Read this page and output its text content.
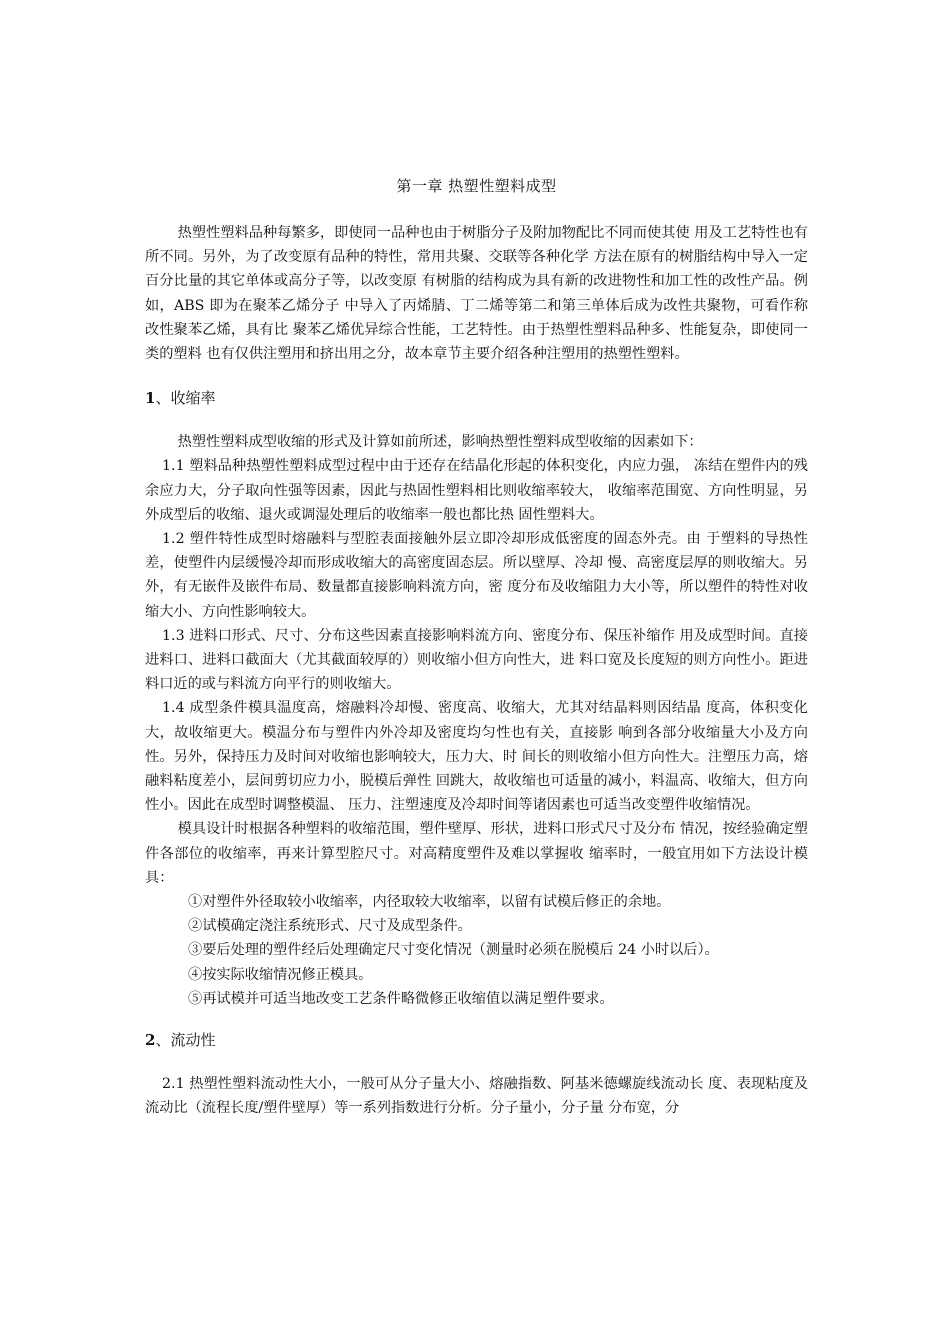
第一章 热塑性塑料成型

热塑性塑料品种每繁多，即使同一品种也由于树脂分子及附加物配比不同而使其使 用及工艺特性也有所不同。另外，为了改变原有品种的特性，常用共聚、交联等各种化学 方法在原有的树脂结构中导入一定百分比量的其它单体或高分子等，以改变原 有树脂的结构成为具有新的改进物性和加工性的改性产品。例如，ABS 即为在聚苯乙烯分子 中导入了丙烯腈、丁二烯等第二和第三单体后成为改性共聚物，可看作称改性聚苯乙烯，具有比 聚苯乙烯优异综合性能，工艺特性。由于热塑性塑料品种多、性能复杂，即使同一类的塑料 也有仅供注塑用和挤出用之分，故本章节主要介绍各种注塑用的热塑性塑料。

1、收缩率

热塑性塑料成型收缩的形式及计算如前所述，影响热塑性塑料成型收缩的因素如下：

1.1 塑料品种热塑性塑料成型过程中由于还存在结晶化形起的体积变化，内应力强， 冻结在塑件内的残余应力大，分子取向性强等因素，因此与热固性塑料相比则收缩率较大， 收缩率范围宽、方向性明显，另外成型后的收缩、退火或调湿处理后的收缩率一般也都比热 固性塑料大。

1.2 塑件特性成型时熔融料与型腔表面接触外层立即冷却形成低密度的固态外壳。由 于塑料的导热性差，使塑件内层缓慢冷却而形成收缩大的高密度固态层。所以壁厚、冷却 慢、高密度层厚的则收缩大。另外，有无嵌件及嵌件布局、数量都直接影响料流方向，密 度分布及收缩阻力大小等，所以塑件的特性对收缩大小、方向性影响较大。

1.3 进料口形式、尺寸、分布这些因素直接影响料流方向、密度分布、保压补缩作 用及成型时间。直接进料口、进料口截面大（尤其截面较厚的）则收缩小但方向性大，进 料口宽及长度短的则方向性小。距进料口近的或与料流方向平行的则收缩大。

1.4 成型条件模具温度高，熔融料冷却慢、密度高、收缩大，尤其对结晶料则因结晶 度高，体积变化大，故收缩更大。模温分布与塑件内外冷却及密度均匀性也有关，直接影 响到各部分收缩量大小及方向性。另外，保持压力及时间对收缩也影响较大，压力大、时 间长的则收缩小但方向性大。注塑压力高，熔融料粘度差小，层间剪切应力小，脱模后弹性 回跳大，故收缩也可适量的减小，料温高、收缩大，但方向性小。因此在成型时调整模温、 压力、注塑速度及冷却时间等诸因素也可适当改变塑件收缩情况。

模具设计时根据各种塑料的收缩范围，塑件壁厚、形状，进料口形式尺寸及分布 情况，按经验确定塑件各部位的收缩率，再来计算型腔尺寸。对高精度塑件及难以掌握收 缩率时，一般宜用如下方法设计模具：

①对塑件外径取较小收缩率，内径取较大收缩率，以留有试模后修正的余地。
②试模确定浇注系统形式、尺寸及成型条件。
③要后处理的塑件经后处理确定尺寸变化情况（测量时必须在脱模后 24 小时以后）。
④按实际收缩情况修正模具。
⑤再试模并可适当地改变工艺条件略微修正收缩值以满足塑件要求。
2、流动性

2.1 热塑性塑料流动性大小，一般可从分子量大小、熔融指数、阿基米德螺旋线流动长 度、表现粘度及流动比（流程长度/塑件壁厚）等一系列指数进行分析。分子量小，分子量 分布宽，分
